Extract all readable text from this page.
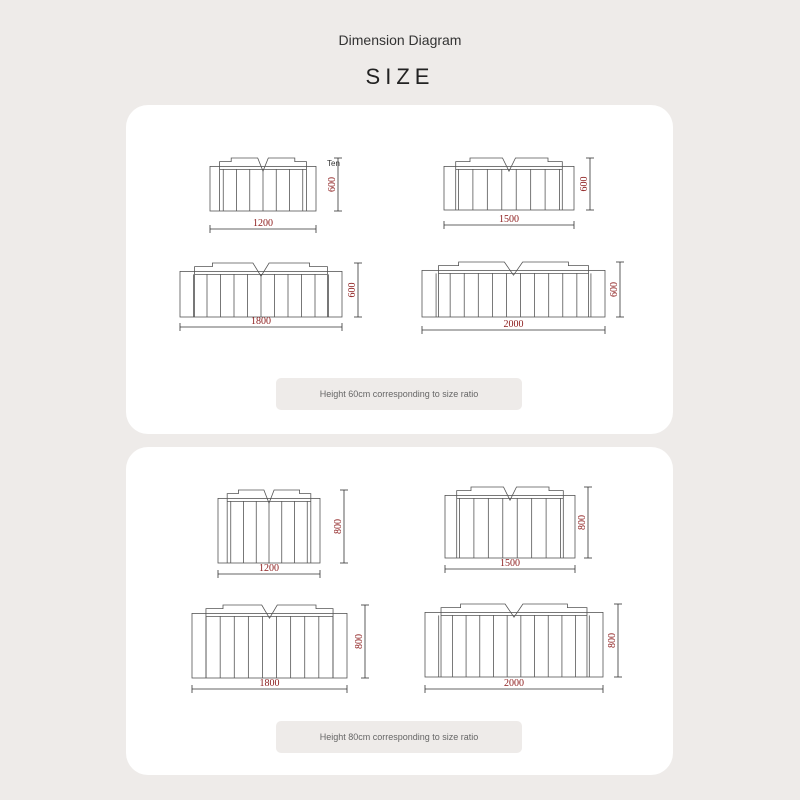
Dimension Diagram
SIZE
Height 60cm corresponding to size ratio
Height 80cm corresponding to size ratio
1200
600
1500
600
1800
600
2000
600
Ten
1200
800
1500
800
1800
800
2000
800
